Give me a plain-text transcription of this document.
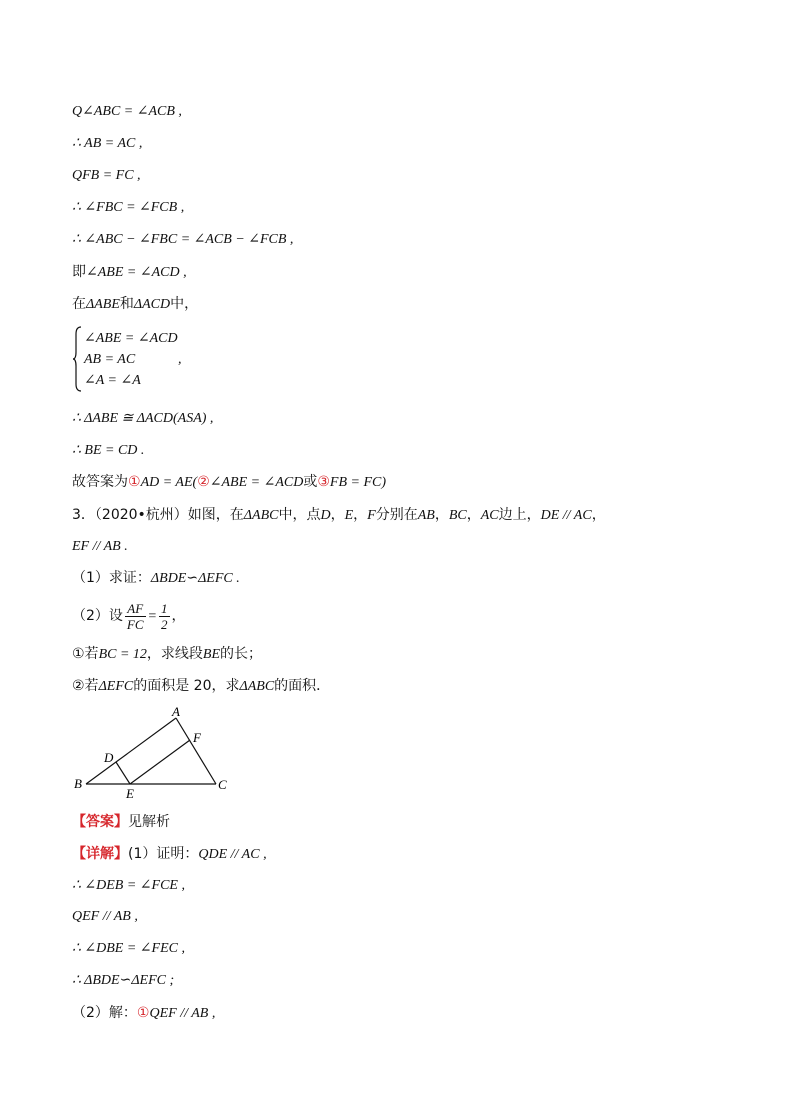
Q∠ABC = ∠ACB ,
∴ AB = AC ,
QFB = FC ,
∴ ∠FBC = ∠FCB ,
∴ ∠ABC − ∠FBC = ∠ACB − ∠FCB ,
即∠ABE = ∠ACD ,
在ΔABE和ΔACD中，
∠ABE = ∠ACD
AB = AC	,
∠A = ∠A
∴ ΔABE ≅ ΔACD(ASA) ,
∴ BE = CD .
故答案为①AD = AE(②∠ABE = ∠ACD或③FB = FC)
3．（2020•杭州）如图，在ΔABC中，点D，E，F分别在AB，BC，AC边上，DE // AC，
EF // AB .
（1）求证：ΔBDE∽ΔEFC .
（2）设 $\frac{AF}{FC} = \frac{1}{2}$ ，
①若BC = 12，求线段BE的长；
②若ΔEFC的面积是 20，求ΔABC的面积．
A
B	C
D
E
F
【答案】见解析
【详解】(1）证明：QDE // AC ,
∴ ∠DEB = ∠FCE ,
QEF // AB ,
∴ ∠DBE = ∠FEC ,
∴ ΔBDE∽ΔEFC ;
（2）解：①QEF // AB ,
